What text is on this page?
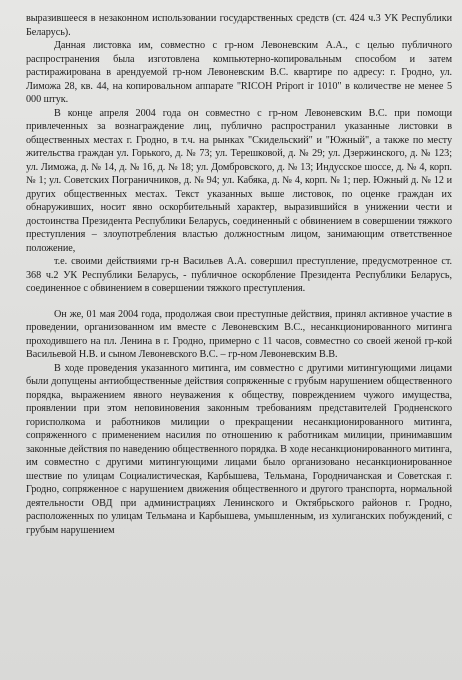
выразившееся в незаконном использовании государственных средств (ст. 424 ч.3 УК Республики Беларусь).

Данная листовка им, совместно с гр-ном Левоневским А.А., с целью публичного распространения была изготовлена компьютерно-копировальным способом и затем растиражирована в арендуемой гр-ном Левоневским В.С. квартире по адресу: г. Гродно, ул. Лиможа 28, кв. 44, на копировальном аппарате "RICOH Priport ir 1010" в количестве не менее 5 000 штук.

В конце апреля 2004 года он совместно с гр-ном Левоневским В.С. при помощи привлеченных за вознаграждение лиц, публично распространил указанные листовки в общественных местах г. Гродно, в т.ч. на рынках "Скидельский" и "Южный", а также по месту жительства граждан ул. Горького, д. № 73; ул. Терешковой, д. № 29; ул. Дзержинского, д. № 123; ул. Лиможа, д. № 14, д. № 16, д. № 18; ул. Домбровского, д. № 13; Индусское шоссе, д. № 4, корп. № 1; ул. Советских Пограничников, д. № 94; ул. Кабяка, д. № 4, корп. № 1; пер. Южный д. № 12 и других общественных местах. Текст указанных выше листовок, по оценке граждан их обнаруживших, носит явно оскорбительный характер, выразившийся в унижении чести и достоинства Президента Республики Беларусь, соединенный с обвинением в совершении тяжкого преступления – злоупотребления властью должностным лицом, занимающим ответственное положение,

т.е. своими действиями гр-н Васильев А.А. совершил преступление, предусмотренное ст. 368 ч.2 УК Республики Беларусь, - публичное оскорбление Президента Республики Беларусь, соединенное с обвинением в совершении тяжкого преступления.

Он же, 01 мая 2004 года, продолжая свои преступные действия, принял активное участие в проведении, организованном им вместе с Левоневским В.С., несанкционированного митинга проходившего на пл. Ленина в г. Гродно, примерно с 11 часов, совместно со своей женой гр-кой Васильевой Н.В. и сыном Левоневского В.С. – гр-ном Левоневским В.В.

В ходе проведения указанного митинга, им совместно с другими митингующими лицами были допущены антиобщественные действия сопряженные с грубым нарушением общественного порядка, выражением явного неуважения к обществу, повреждением чужого имущества, проявлении при этом неповиновения законным требованиям представителей Гродненского горисполкома и работников милиции о прекращении несанкционированного митинга, сопряженного с применением насилия по отношению к работникам милиции, принимавшим законные действия по наведению общественного порядка. В ходе несанкционированного митинга, им совместно с другими митингующими лицами было организовано несанкционированное шествие по улицам Социалистическая, Карбышева, Тельмана, Городничанская и Советская г. Гродно, сопряженное с нарушением движения общественного и другого транспорта, нормальной деятельности ОВД при администрациях Ленинского и Октябрьского районов г. Гродно, расположенных по улицам Тельмана и Карбышева, умышленным, из хулиганских побуждений, с грубым нарушением
